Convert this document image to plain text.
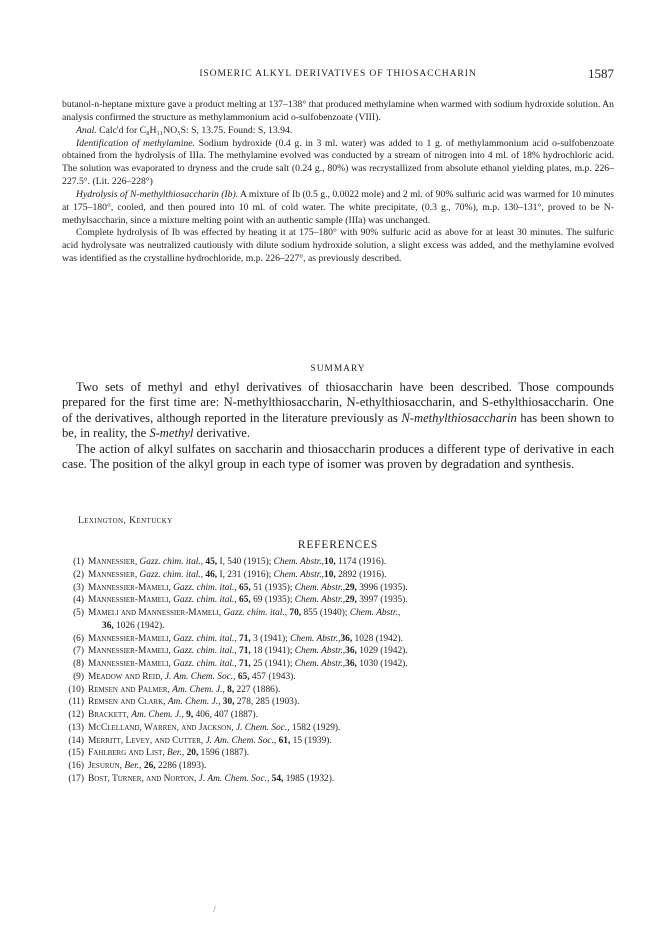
ISOMERIC ALKYL DERIVATIVES OF THIOSACCHARIN	1587

butanol-n-heptane mixture gave a product melting at 137–138° that produced methylamine when warmed with sodium hydroxide solution. An analysis confirmed the structure as methylammonium acid o-sulfobenzoate (VIII).

Anal. Calc'd for C₈H₁₁NO₅S: S, 13.75. Found: S, 13.94.

Identification of methylamine. Sodium hydroxide (0.4 g. in 3 ml. water) was added to 1 g. of methylammonium acid o-sulfobenzoate obtained from the hydrolysis of IIIa. The methylamine evolved was conducted by a stream of nitrogen into 4 ml. of 18% hydrochloric acid. The solution was evaporated to dryness and the crude salt (0.24 g., 80%) was recrystallized from absolute ethanol yielding plates, m.p. 226–227.5°. (Lit. 226–228°)

Hydrolysis of N-methylthiosaccharin (Ib). A mixture of Ib (0.5 g., 0.0022 mole) and 2 ml. of 90% sulfuric acid was warmed for 10 minutes at 175–180°, cooled, and then poured into 10 ml. of cold water. The white precipitate, (0.3 g., 70%), m.p. 130–131°, proved to be N-methylsaccharin, since a mixture melting point with an authentic sample (IIIa) was unchanged.

Complete hydrolysis of Ib was effected by heating it at 175–180° with 90% sulfuric acid as above for at least 30 minutes. The sulfuric acid hydrolysate was neutralized cautiously with dilute sodium hydroxide solution, a slight excess was added, and the methylamine evolved was identified as the crystalline hydrochloride, m.p. 226–227°, as previously described.

SUMMARY

Two sets of methyl and ethyl derivatives of thiosaccharin have been described. Those compounds prepared for the first time are: N-methylthiosaccharin, N-ethylthiosaccharin, and S-ethylthiosaccharin. One of the derivatives, although reported in the literature previously as N-methylthiosaccharin has been shown to be, in reality, the S-methyl derivative.

The action of alkyl sulfates on saccharin and thiosaccharin produces a different type of derivative in each case. The position of the alkyl group in each type of isomer was proven by degradation and synthesis.

Lexington, Kentucky
REFERENCES
(1) Mannessier, Gazz. chim. ital., 45, I, 540 (1915); Chem. Abstr.,10, 1174 (1916).
(2) Mannessier, Gazz. chim. ital., 46, I, 231 (1916); Chem. Abstr.,10, 2892 (1916).
(3) Mannessier-Mameli, Gazz. chim. ital., 65, 51 (1935); Chem. Abstr.,29, 3996 (1935).
(4) Mannessier-Mameli, Gazz. chim. ital., 65, 69 (1935); Chem. Abstr.,29, 3997 (1935).
(5) Mameli and Mannessier-Mameli, Gazz. chim. ital., 70, 855 (1940); Chem. Abstr.,
36, 1026 (1942).
(6) Mannessier-Mameli, Gazz. chim. ital., 71, 3 (1941); Chem. Abstr.,36, 1028 (1942).
(7) Mannessier-Mameli, Gazz. chim. ital., 71, 18 (1941); Chem. Abstr.,36, 1029 (1942).
(8) Mannessier-Mameli, Gazz. chim. ital., 71, 25 (1941); Chem. Abstr.,36, 1030 (1942).
(9) Meadow and Reid, J. Am. Chem. Soc., 65, 457 (1943).
(10) Remsen and Palmer, Am. Chem. J., 8, 227 (1886).
(11) Remsen and Clark, Am. Chem. J., 30, 278, 285 (1903).
(12) Brackett, Am. Chem. J., 9, 406, 407 (1887).
(13) McClelland, Warren, and Jackson, J. Chem. Soc., 1582 (1929).
(14) Merritt, Levey, and Cutter, J. Am. Chem. Soc., 61, 15 (1939).
(15) Fahlberg and List, Ber., 20, 1596 (1887).
(16) Jesurun, Ber., 26, 2286 (1893).
(17) Bost, Turner, and Norton, J. Am. Chem. Soc., 54, 1985 (1932).
